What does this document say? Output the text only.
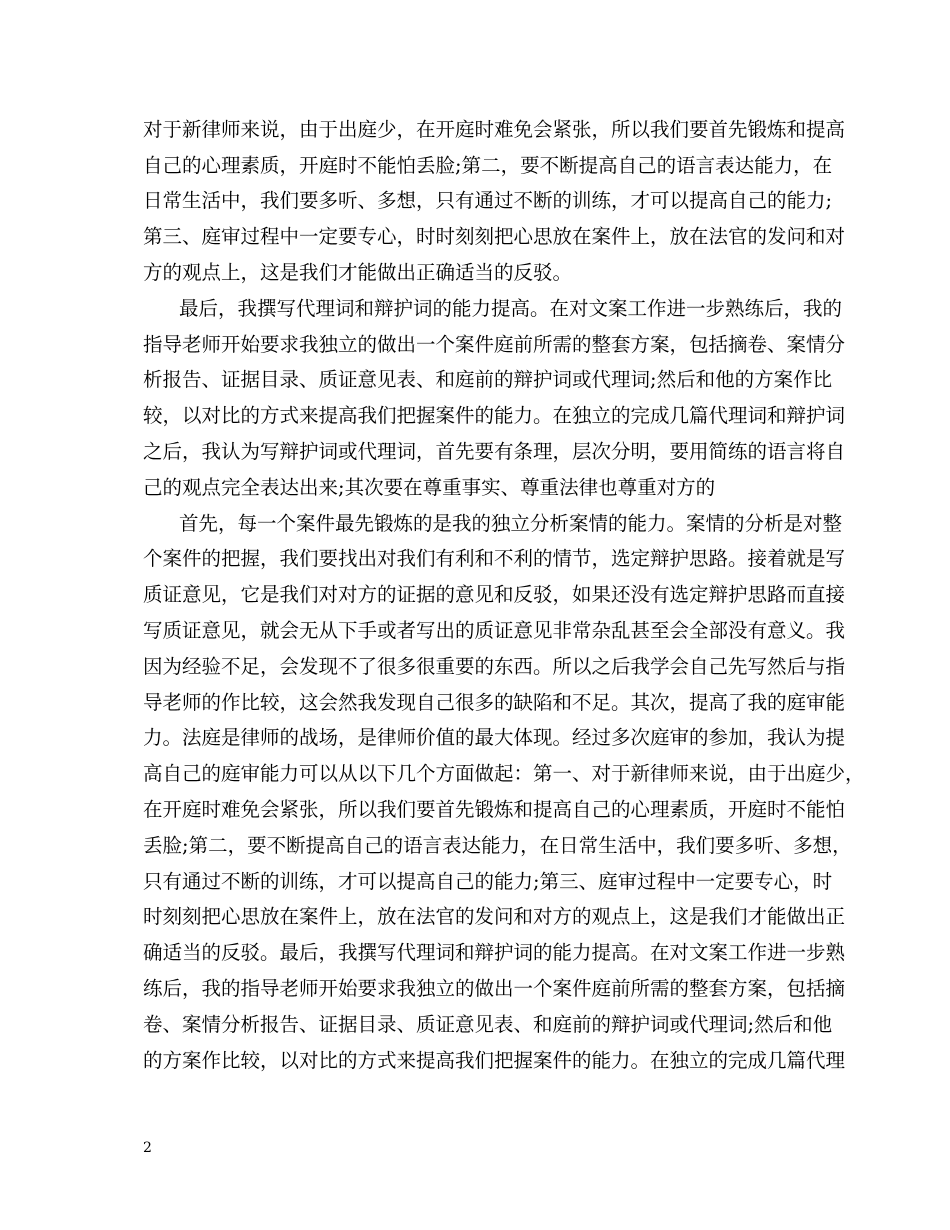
对于新律师来说，由于出庭少，在开庭时难免会紧张，所以我们要首先锻炼和提高
自己的心理素质，开庭时不能怕丢脸;第二，要不断提高自己的语言表达能力，在
日常生活中，我们要多听、多想，只有通过不断的训练，才可以提高自己的能力;
第三、庭审过程中一定要专心，时时刻刻把心思放在案件上，放在法官的发问和对
方的观点上，这是我们才能做出正确适当的反驳。
最后，我撰写代理词和辩护词的能力提高。在对文案工作进一步熟练后，我的
指导老师开始要求我独立的做出一个案件庭前所需的整套方案，包括摘卷、案情分
析报告、证据目录、质证意见表、和庭前的辩护词或代理词;然后和他的方案作比
较，以对比的方式来提高我们把握案件的能力。在独立的完成几篇代理词和辩护词
之后，我认为写辩护词或代理词，首先要有条理，层次分明，要用简练的语言将自
己的观点完全表达出来;其次要在尊重事实、尊重法律也尊重对方的
首先，每一个案件最先锻炼的是我的独立分析案情的能力。案情的分析是对整
个案件的把握，我们要找出对我们有利和不利的情节，选定辩护思路。接着就是写
质证意见，它是我们对对方的证据的意见和反驳，如果还没有选定辩护思路而直接
写质证意见，就会无从下手或者写出的质证意见非常杂乱甚至会全部没有意义。我
因为经验不足，会发现不了很多很重要的东西。所以之后我学会自己先写然后与指
导老师的作比较，这会然我发现自己很多的缺陷和不足。其次，提高了我的庭审能
力。法庭是律师的战场，是律师价值的最大体现。经过多次庭审的参加，我认为提
高自己的庭审能力可以从以下几个方面做起：第一、对于新律师来说，由于出庭少，
在开庭时难免会紧张，所以我们要首先锻炼和提高自己的心理素质，开庭时不能怕
丢脸;第二，要不断提高自己的语言表达能力，在日常生活中，我们要多听、多想，
只有通过不断的训练，才可以提高自己的能力;第三、庭审过程中一定要专心，时
时刻刻把心思放在案件上，放在法官的发问和对方的观点上，这是我们才能做出正
确适当的反驳。最后，我撰写代理词和辩护词的能力提高。在对文案工作进一步熟
练后，我的指导老师开始要求我独立的做出一个案件庭前所需的整套方案，包括摘
卷、案情分析报告、证据目录、质证意见表、和庭前的辩护词或代理词;然后和他
的方案作比较，以对比的方式来提高我们把握案件的能力。在独立的完成几篇代理
2
